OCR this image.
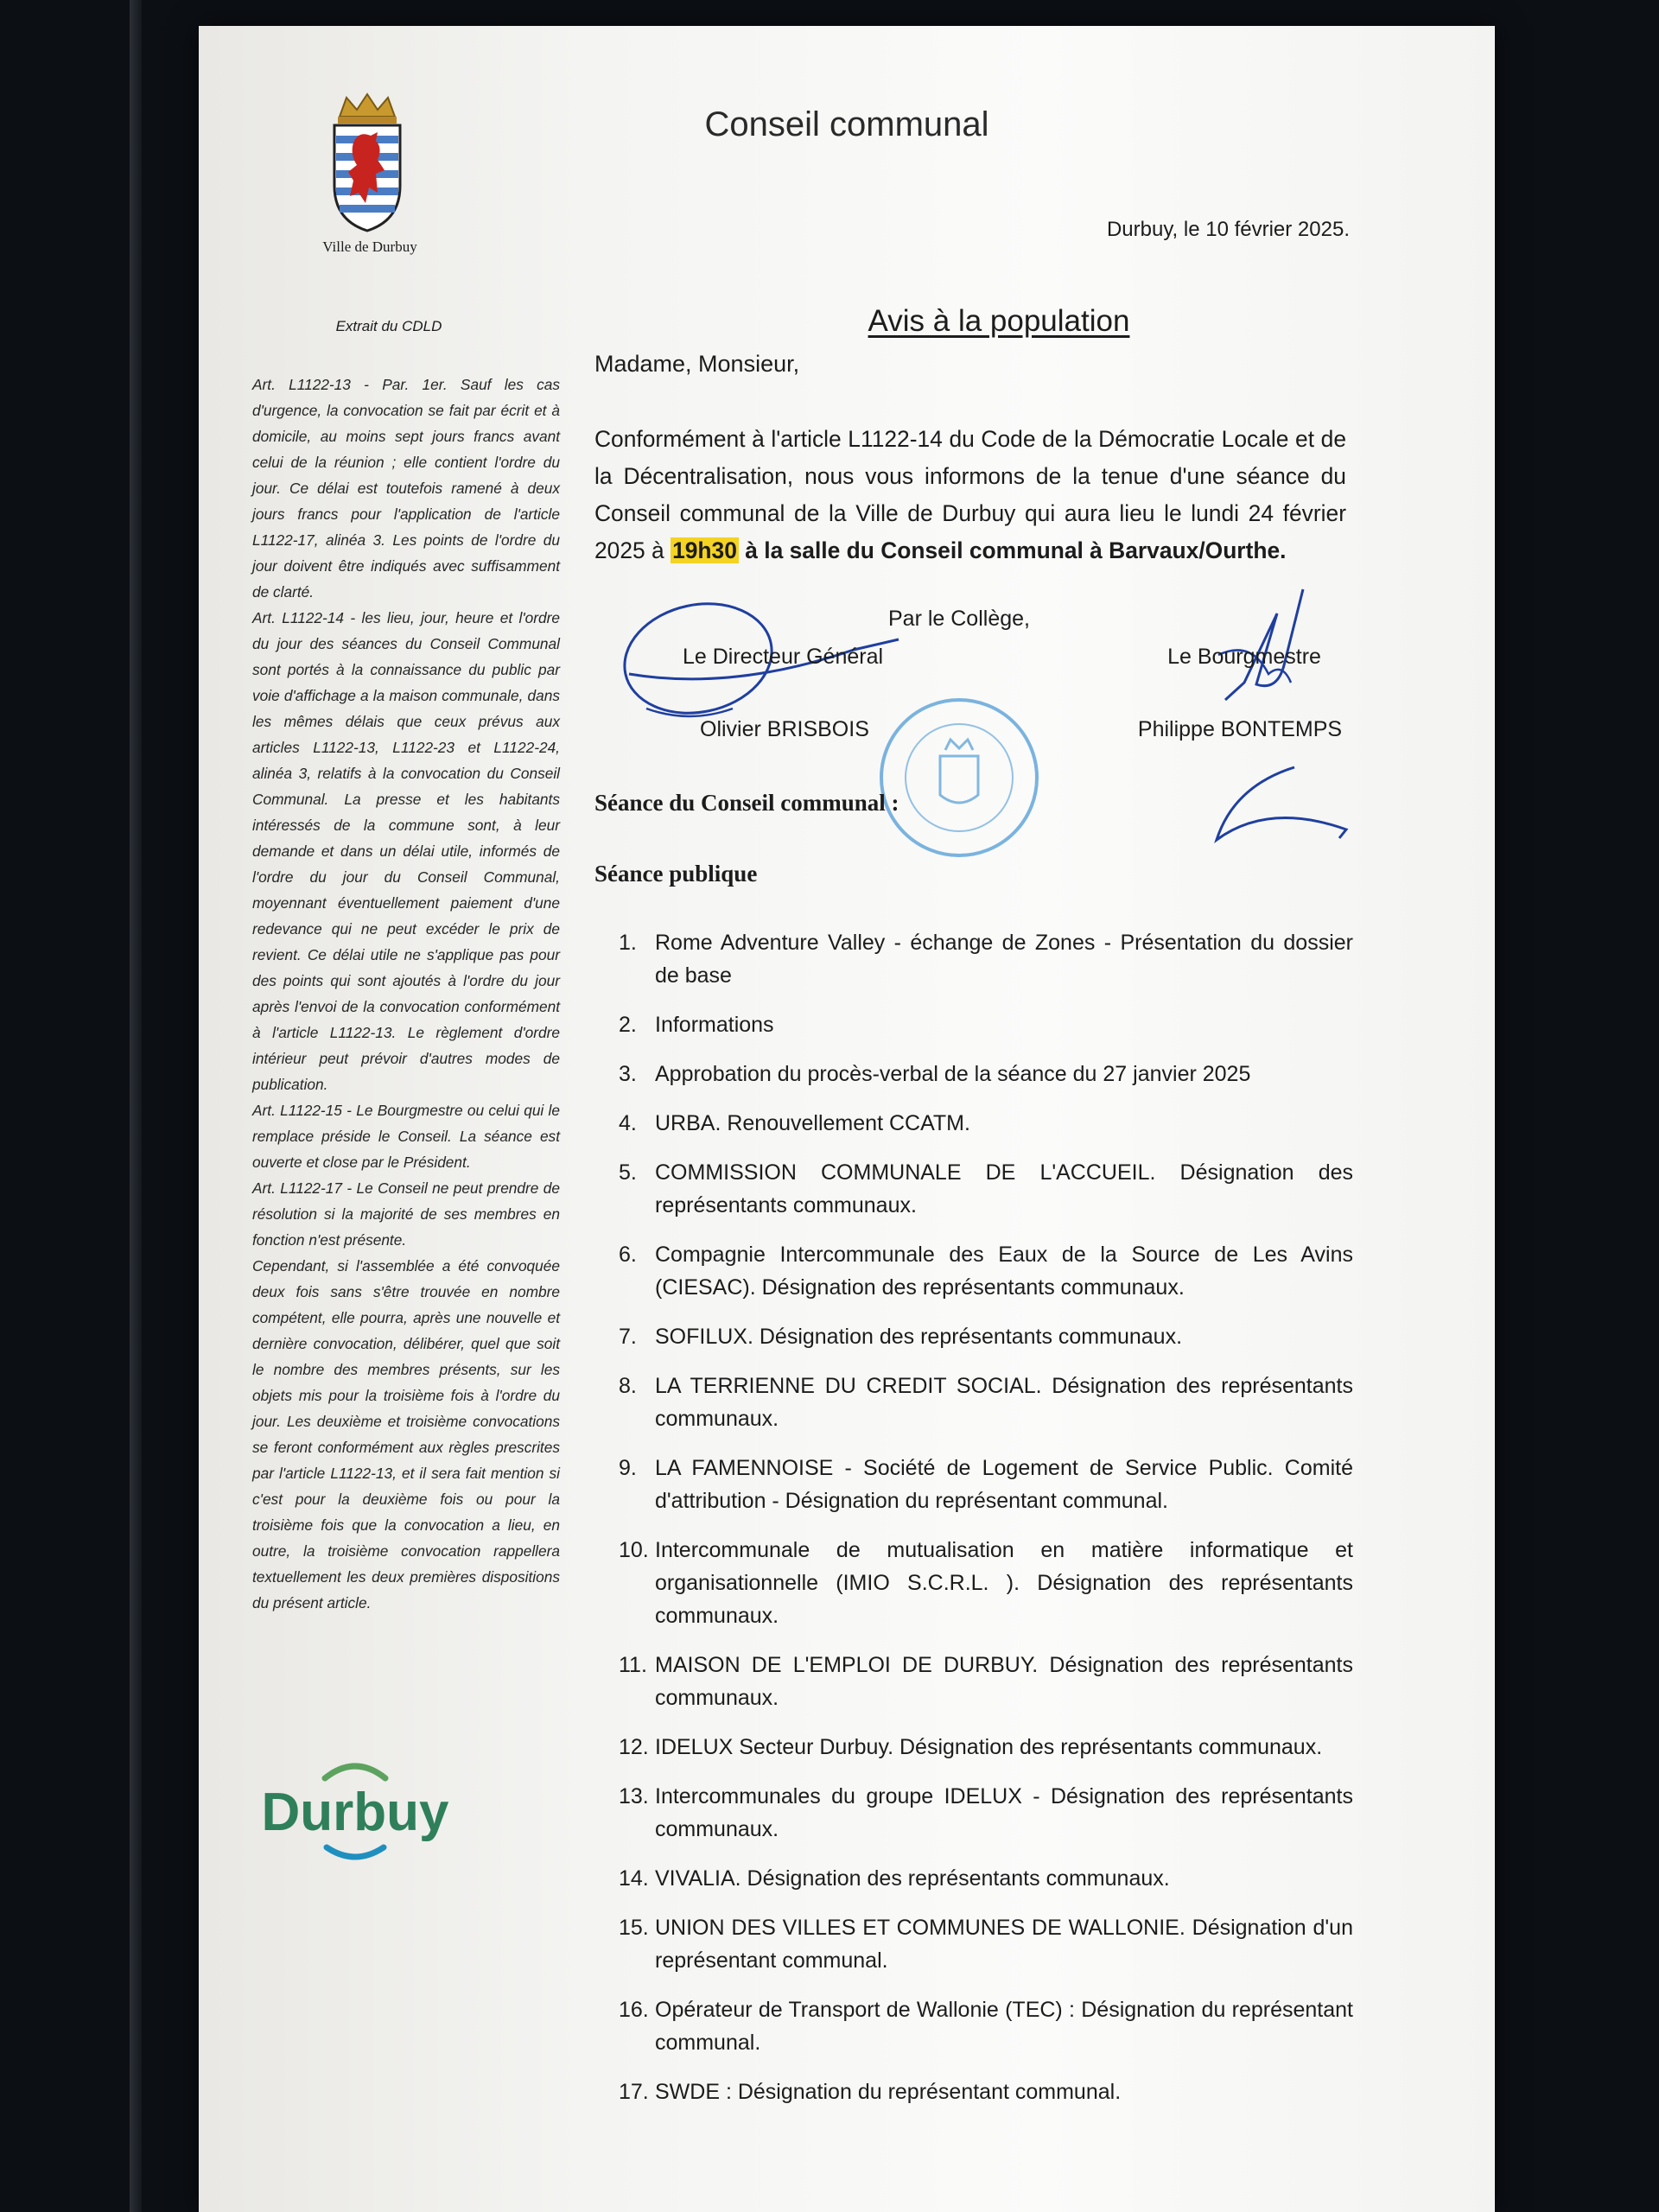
Ville de Durbuy
Conseil communal
Durbuy, le 10 février 2025.
Extrait du CDLD	Avis à la population
Madame, Monsieur,

Art. L1122-13 - Par. 1er. Sauf les cas d'urgence, la convocation se fait par écrit et à domicile, au moins sept jours francs avant celui de la réunion ; elle contient l'ordre du jour. Ce délai est toutefois ramené à deux jours francs pour l'application de l'article L1122-17, alinéa 3. Les points de l'ordre du jour doivent être indiqués avec suffisamment de clarté.

Art. L1122-14 - les lieu, jour, heure et l'ordre du jour des séances du Conseil Communal sont portés à la connaissance du public par voie d'affichage a la maison communale, dans les mêmes délais que ceux prévus aux articles L1122-13, L1122-23 et L1122-24, alinéa 3, relatifs à la convocation du Conseil Communal. La presse et les habitants intéressés de la commune sont, à leur demande et dans un délai utile, informés de l'ordre du jour du Conseil Communal, moyennant éventuellement paiement d'une redevance qui ne peut excéder le prix de revient. Ce délai utile ne s'applique pas pour des points qui sont ajoutés à l'ordre du jour après l'envoi de la convocation conformément à l'article L1122-13. Le règlement d'ordre intérieur peut prévoir d'autres modes de publication.

Art. L1122-15 - Le Bourgmestre ou celui qui le remplace préside le Conseil. La séance est ouverte et close par le Président.

Art. L1122-17 - Le Conseil ne peut prendre de résolution si la majorité de ses membres en fonction n'est présente.

Cependant, si l'assemblée a été convoquée deux fois sans s'être trouvée en nombre compétent, elle pourra, après une nouvelle et dernière convocation, délibérer, quel que soit le nombre des membres présents, sur les objets mis pour la troisième fois à l'ordre du jour. Les deuxième et troisième convocations se feront conformément aux règles prescrites par l'article L1122-13, et il sera fait mention si c'est pour la deuxième fois ou pour la troisième fois que la convocation a lieu, en outre, la troisième convocation rappellera textuellement les deux premières dispositions du présent article.

Conformément à l'article L1122-14 du Code de la Démocratie Locale et de la Décentralisation, nous vous informons de la tenue d'une séance du Conseil communal de la Ville de Durbuy qui aura lieu le lundi 24 février 2025 à 19h30 à la salle du Conseil communal à Barvaux/Ourthe.
Par le Collège,
Le Directeur Général
Olivier BRISBOIS
Le Bourgmestre
Philippe BONTEMPS
Séance du Conseil communal :
Séance publique
1. Rome Adventure Valley - échange de Zones - Présentation du dossier de base
2. Informations
3. Approbation du procès-verbal de la séance du 27 janvier 2025
4. URBA. Renouvellement CCATM.
5. COMMISSION COMMUNALE DE L'ACCUEIL. Désignation des représentants communaux.
6. Compagnie Intercommunale des Eaux de la Source de Les Avins (CIESAC). Désignation des représentants communaux.
7. SOFILUX. Désignation des représentants communaux.
8. LA TERRIENNE DU CREDIT SOCIAL. Désignation des représentants communaux.
9. LA FAMENNOISE - Société de Logement de Service Public. Comité d'attribution - Désignation du représentant communal.
10. Intercommunale de mutualisation en matière informatique et organisationnelle (IMIO S.C.R.L. ). Désignation des représentants communaux.
11. MAISON DE L'EMPLOI DE DURBUY. Désignation des représentants communaux.
12. IDELUX Secteur Durbuy. Désignation des représentants communaux.
13. Intercommunales du groupe IDELUX - Désignation des représentants communaux.
14. VIVALIA. Désignation des représentants communaux.
15. UNION DES VILLES ET COMMUNES DE WALLONIE. Désignation d'un représentant communal.
16. Opérateur de Transport de Wallonie (TEC) : Désignation du représentant communal.
17. SWDE : Désignation du représentant communal.
Durbuy
